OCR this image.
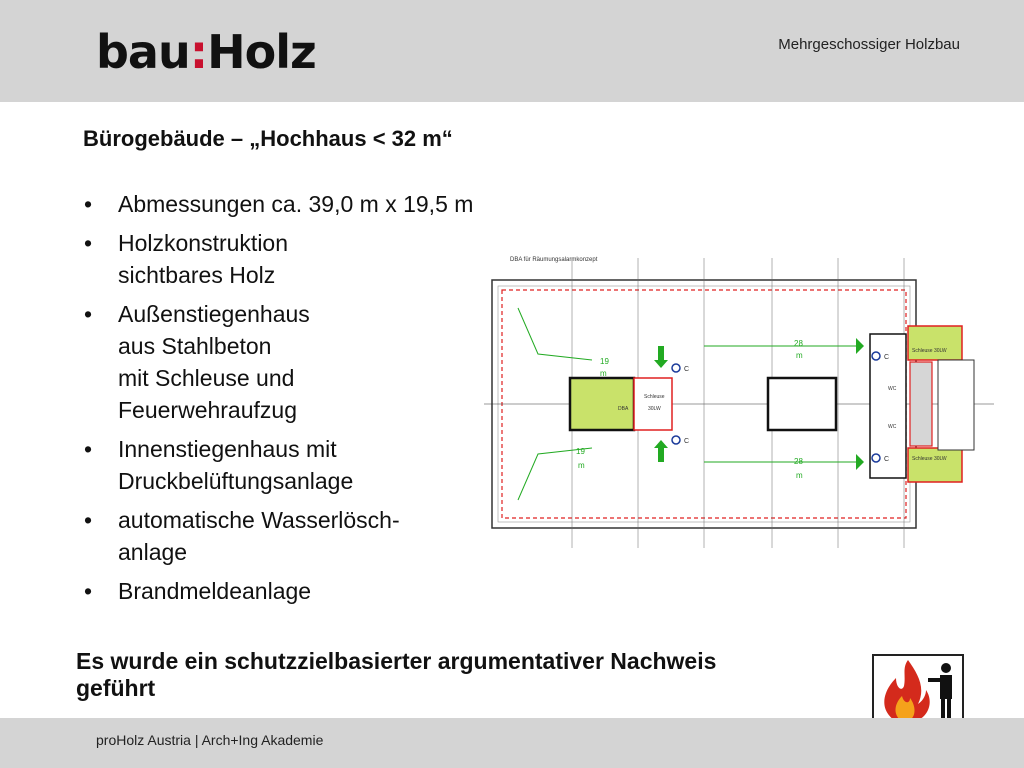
bau:Holz	Mehrgeschossiger Holzbau
Bürogebäude – „Hochhaus < 32 m“
• Abmessungen ca. 39,0 m x 19,5 m
• Holzkonstruktion
sichtbares Holz
• Außenstiegenhaus
aus Stahlbeton
mit Schleuse und
Feuerwehraufzug
• Innenstiegenhaus mit
Druckbelüftungsanlage
• automatische Wasserlösch-
anlage
• Brandmeldeanlage
DBA für Räumungsalarmkonzept
Schleuse
30LW
DBA
Schleuse 30LW
Schleuse 30LW
WC
WC
19
m
19
m
28
m
28
m
C
C
C
C
Es wurde ein schutzzielbasierter argumentativer Nachweis
geführt
proHolz Austria | Arch+Ing Akademie
